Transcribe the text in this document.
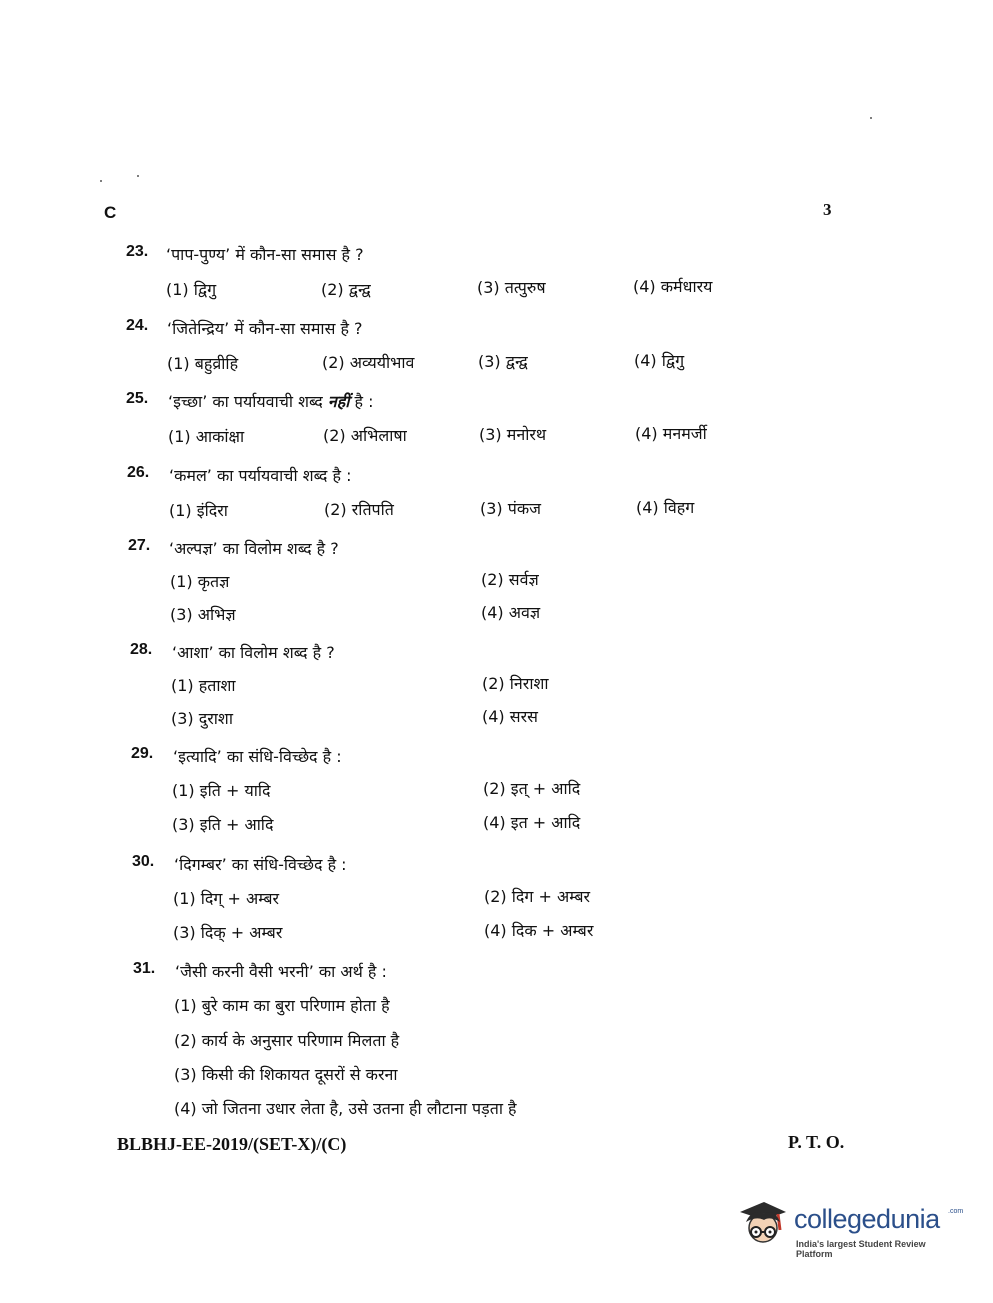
C	3
23. ‘पाप-पुण्य’ में कौन-सा समास है ?
(1) द्विगु	(2) द्वन्द्व	(3) तत्पुरुष	(4) कर्मधारय
24. ‘जितेन्द्रिय’ में कौन-सा समास है ?
(1) बहुव्रीहि	(2) अव्ययीभाव	(3) द्वन्द्व	(4) द्विगु
25. ‘इच्छा’ का पर्यायवाची शब्द नहीं है :
(1) आकांक्षा	(2) अभिलाषा	(3) मनोरथ	(4) मनमर्जी
26. ‘कमल’ का पर्यायवाची शब्द है :
(1) इंदिरा	(2) रतिपति	(3) पंकज	(4) विहग
27. ‘अल्पज्ञ’ का विलोम शब्द है ?
(1) कृतज्ञ	(2) सर्वज्ञ
(3) अभिज्ञ	(4) अवज्ञ
28. ‘आशा’ का विलोम शब्द है ?
(1) हताशा	(2) निराशा
(3) दुराशा	(4) सरस
29. ‘इत्यादि’ का संधि-विच्छेद है :
(1) इति + यादि	(2) इत् + आदि
(3) इति + आदि	(4) इत + आदि
30. ‘दिगम्बर’ का संधि-विच्छेद है :
(1) दिग् + अम्बर	(2) दिग + अम्बर
(3) दिक् + अम्बर	(4) दिक + अम्बर
31. ‘जैसी करनी वैसी भरनी’ का अर्थ है :
(1) बुरे काम का बुरा परिणाम होता है
(2) कार्य के अनुसार परिणाम मिलता है
(3) किसी की शिकायत दूसरों से करना
(4) जो जितना उधार लेता है, उसे उतना ही लौटाना पड़ता है
BLBHJ-EE-2019/(SET-X)/(C)	P. T. O.
collegedunia .com
India's largest Student Review Platform
